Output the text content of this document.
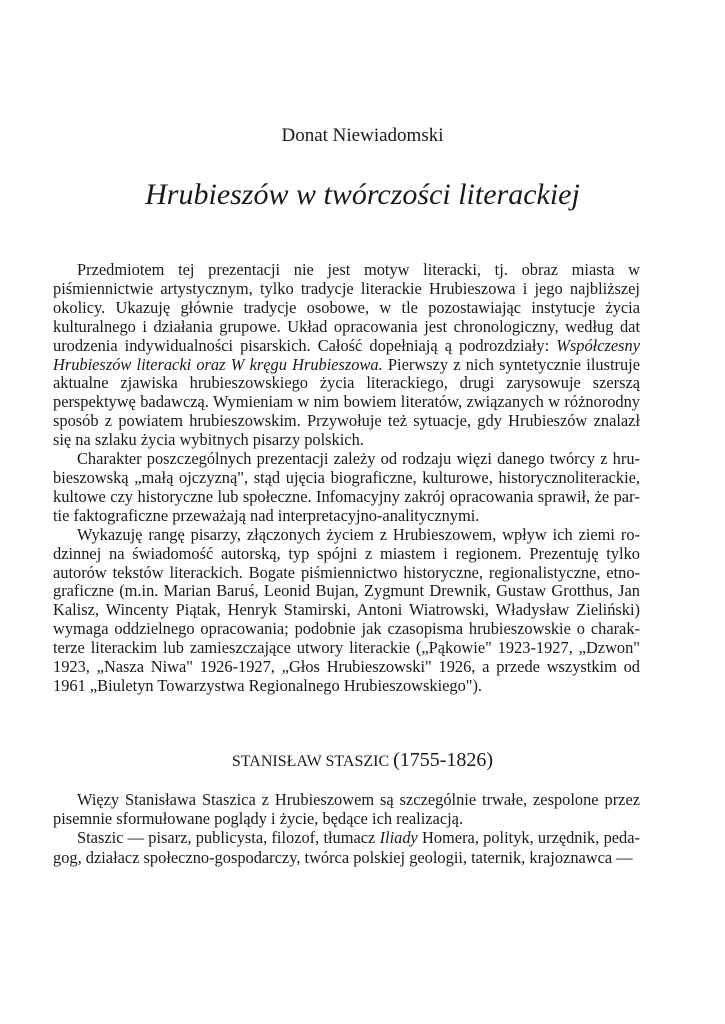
Donat Niewiadomski
Hrubieszów w twórczości literackiej

Przedmiotem tej prezentacji nie jest motyw literacki, tj. obraz miasta w piśmiennictwie artystycznym, tylko tradycje literackie Hrubieszowa i jego najbliższej okolicy. Ukazuję głównie tradycje osobowe, w tle pozostawiając instytucje życia kulturalnego i działania grupowe. Układ opracowania jest chronologiczny, według dat urodzenia indywidualności pisarskich. Całość dopełniają ą podrozdziały: Współczesny Hrubieszów literacki oraz W kręgu Hrubieszowa. Pierwszy z nich syntetycznie ilustruje aktualne zjawiska hrubieszowskiego życia literackiego, drugi zarysowuje szerszą perspektywę badawczą. Wymieniam w nim bowiem literatów, związanych w różnorodny sposób z powiatem hrubieszowskim. Przywołuje też sytuacje, gdy Hrubieszów znalazł się na szlaku życia wybitnych pisarzy polskich.

Charakter poszczególnych prezentacji zależy od rodzaju więzi danego twórcy z hrubieszowską „małą ojczyzną", stąd ujęcia biograficzne, kulturowe, historycznoliterackie, kultowe czy historyczne lub społeczne. Infomacyjny zakrój opracowania sprawił, że partie faktograficzne przeważają nad interpretacyjno-analitycznymi.

Wykazuję rangę pisarzy, złączonych życiem z Hrubieszowem, wpływ ich ziemi rodzinnej na świadomość autorską, typ spójni z miastem i regionem. Prezentuję tylko autorów tekstów literackich. Bogate piśmiennictwo historyczne, regionalistyczne, etnograficzne (m.in. Marian Baruś, Leonid Bujan, Zygmunt Drewnik, Gustaw Grotthus, Jan Kalisz, Wincenty Piątak, Henryk Stamirski, Antoni Wiatrowski, Władysław Zieliński) wymaga oddzielnego opracowania; podobnie jak czasopisma hrubieszowskie o charakterze literackim lub zamieszczające utwory literackie („Pąkowie" 1923-1927, „Dzwon" 1923, „Nasza Niwa" 1926-1927, „Głos Hrubieszowski" 1926, a przede wszystkim od 1961 „Biuletyn Towarzystwa Regionalnego Hrubieszowskiego").

STANISŁAW STASZIC (1755-1826)

Więzy Stanisława Staszica z Hrubieszowem są szczególnie trwałe, zespolone przez pisemnie sformułowane poglądy i życie, będące ich realizacją.

Staszic — pisarz, publicysta, filozof, tłumacz Iliady Homera, polityk, urzędnik, pedagog, działacz społeczno-gospodarczy, twórca polskiej geologii, taternik, krajoznawca —
